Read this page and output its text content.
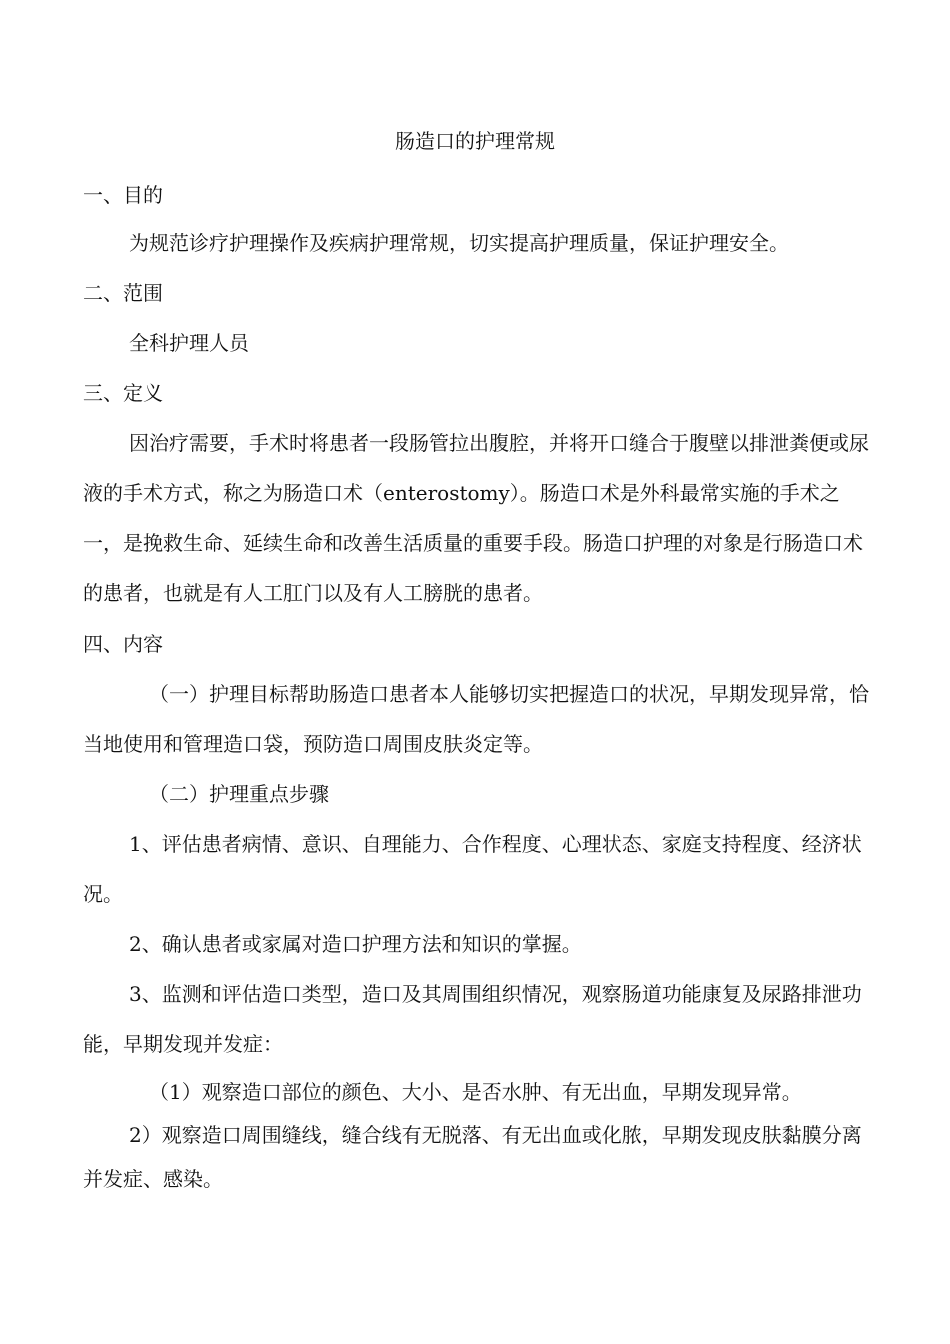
肠造口的护理常规

一、目的

为规范诊疗护理操作及疾病护理常规，切实提高护理质量，保证护理安全。

二、范围

全科护理人员

三、定义

因治疗需要，手术时将患者一段肠管拉出腹腔，并将开口缝合于腹壁以排泄粪便或尿液的手术方式，称之为肠造口术（enterostomy）。肠造口术是外科最常实施的手术之一，是挽救生命、延续生命和改善生活质量的重要手段。肠造口护理的对象是行肠造口术的患者，也就是有人工肛门以及有人工膀胱的患者。

四、内容

（一）护理目标帮助肠造口患者本人能够切实把握造口的状况，早期发现异常，恰当地使用和管理造口袋，预防造口周围皮肤炎定等。

（二）护理重点步骤

1、评估患者病情、意识、自理能力、合作程度、心理状态、家庭支持程度、经济状况。

2、确认患者或家属对造口护理方法和知识的掌握。

3、监测和评估造口类型，造口及其周围组织情况，观察肠道功能康复及尿路排泄功能，早期发现并发症：

（1）观察造口部位的颜色、大小、是否水肿、有无出血，早期发现异常。

2）观察造口周围缝线，缝合线有无脱落、有无出血或化脓，早期发现皮肤黏膜分离并发症、感染。
